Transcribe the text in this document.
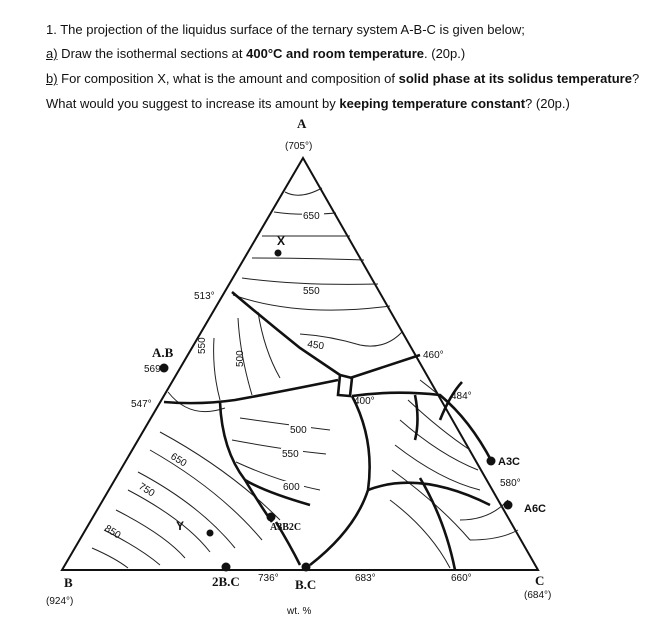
1. The projection of the liquidus surface of the ternary system A-B-C is given below;
a) Draw the isothermal sections at 400°C and room temperature. (20p.)
b) For composition X, what is the amount and composition of solid phase at its solidus temperature?
What would you suggest to increase its amount by keeping temperature constant? (20p.)
A
(705°)
B
(924°)
C
(684°)
A.B
569°
A3C
580°
A6C
2B.C	B.C
A3B2C
X
Y
513°
547°
460°
484°
400°
736°	683°	660°
650
550
450
500
550
600
550
500
650
750
850
wt. %
